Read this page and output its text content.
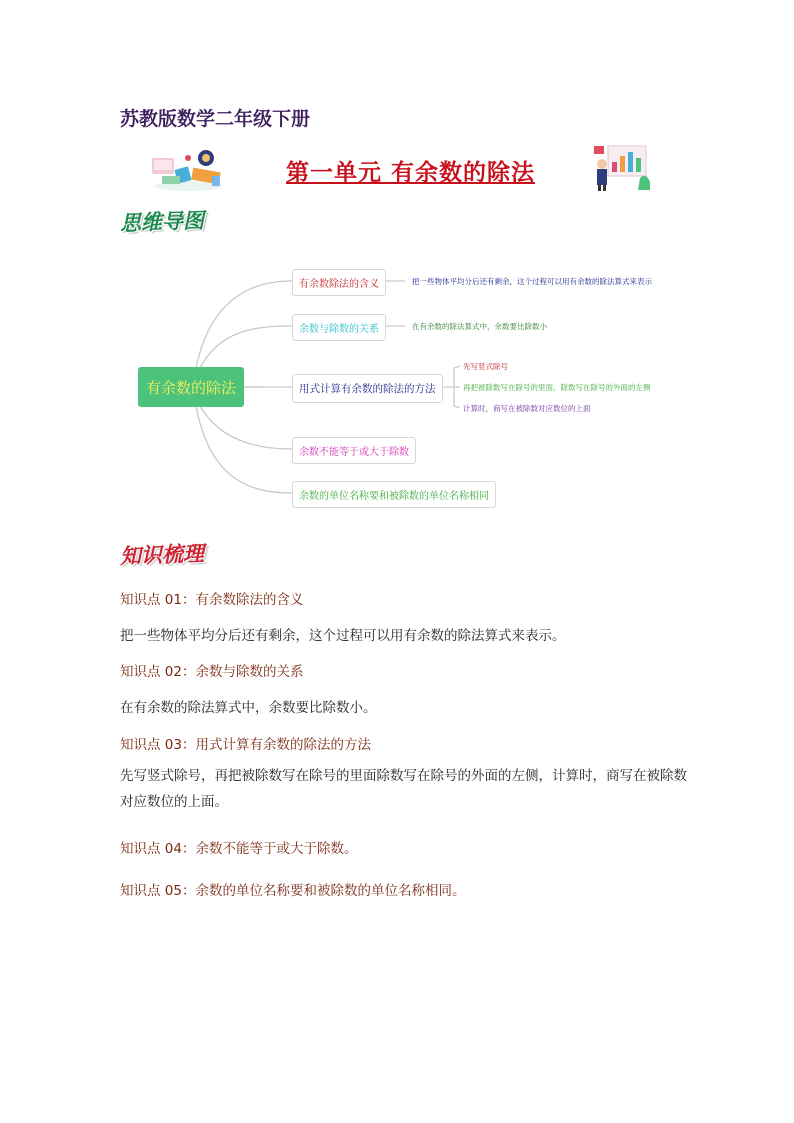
苏教版数学二年级下册
第一单元 有余数的除法
思维导图
有余数的除法
有余数除法的含义
余数与除数的关系
用式计算有余数的除法的方法
余数不能等于或大于除数
余数的单位名称要和被除数的单位名称相同
把一些物体平均分后还有剩余，这个过程可以用有余数的除法算式来表示
在有余数的除法算式中，余数要比除数小
先写竖式除号
再把被除数写在除号的里面，除数写在除号的外面的左侧
计算时，商写在被除数对应数位的上面
知识梳理
知识点 01：有余数除法的含义
把一些物体平均分后还有剩余，这个过程可以用有余数的除法算式来表示。
知识点 02：余数与除数的关系
在有余数的除法算式中，余数要比除数小。
知识点 03：用式计算有余数的除法的方法
先写竖式除号，再把被除数写在除号的里面除数写在除号的外面的左侧，计算时，商写在被除数对应数位的上面。
知识点 04：余数不能等于或大于除数。
知识点 05：余数的单位名称要和被除数的单位名称相同。
